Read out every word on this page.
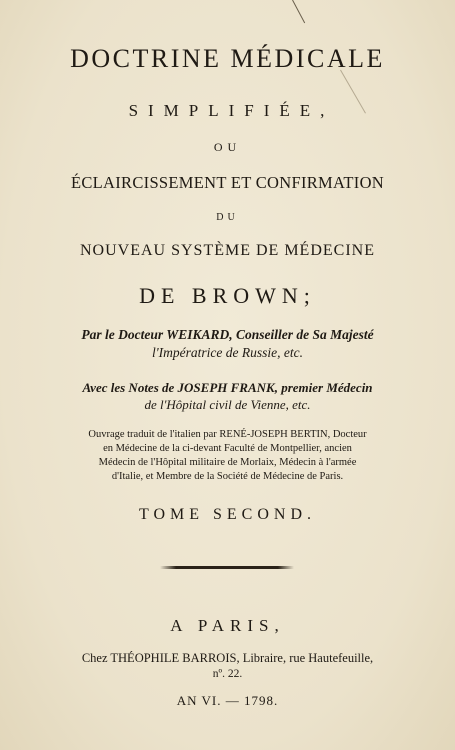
DOCTRINE MÉDICALE

SIMPLIFIÉE,

OU

ÉCLAIRCISSEMENT ET CONFIRMATION

DU

NOUVEAU SYSTÈME DE MÉDECINE

DE BROWN;

Par le Docteur WEIKARD, Conseiller de Sa Majesté

l'Impératrice de Russie, etc.

Avec les Notes de JOSEPH FRANK, premier Médecin

de l'Hôpital civil de Vienne, etc.

Ouvrage traduit de l'italien par RENÉ-JOSEPH BERTIN, Docteur

en Médecine de la ci-devant Faculté de Montpellier, ancien

Médecin de l'Hôpital militaire de Morlaix, Médecin à l'armée

d'Italie, et Membre de la Société de Médecine de Paris.

TOME SECOND.

A PARIS,

Chez THÉOPHILE BARROIS, Libraire, rue Hautefeuille,

nº. 22.

AN VI. — 1798.
